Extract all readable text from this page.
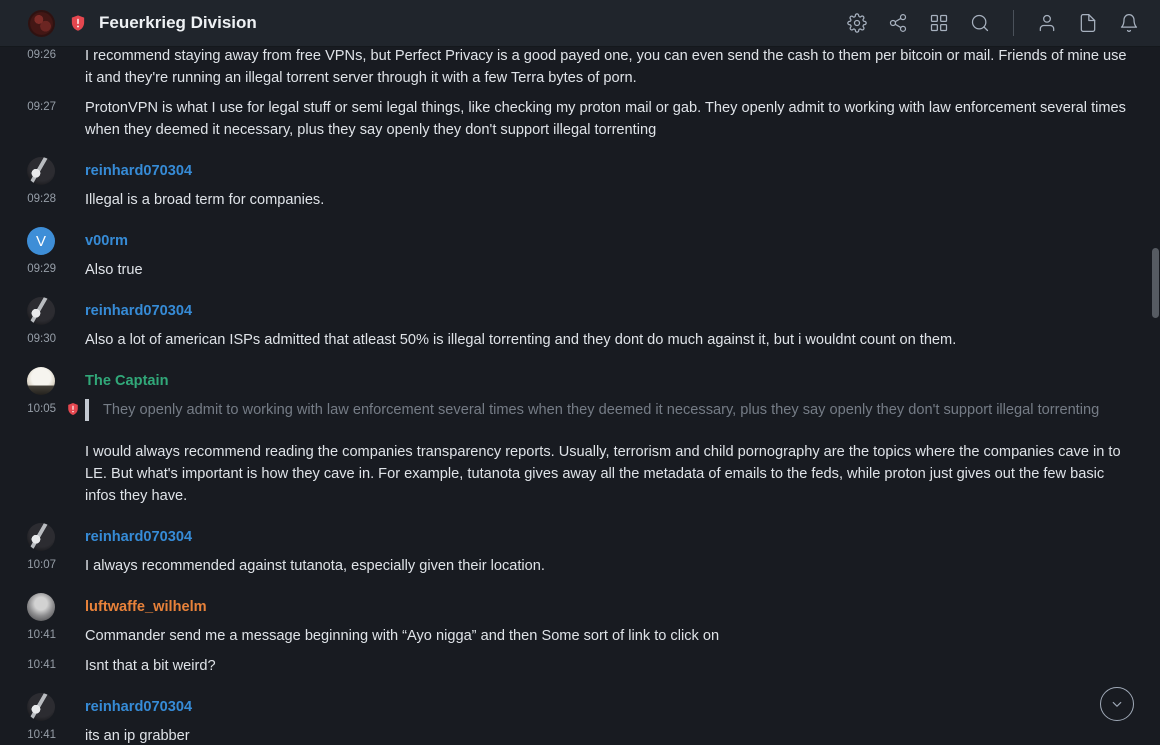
Feuerkrieg Division
09:26 I recommend staying away from free VPNs, but Perfect Privacy is a good payed one, you can even send the cash to them per bitcoin or mail. Friends of mine use it and they're running an illegal torrent server through it with a few Terra bytes of porn.
09:27 ProtonVPN is what I use for legal stuff or semi legal things, like checking my proton mail or gab. They openly admit to working with law enforcement several times when they deemed it necessary, plus they say openly they don't support illegal torrenting
reinhard070304
09:28 Illegal is a broad term for companies.
V	v00rm
09:29 Also true
reinhard070304
09:30 Also a lot of american ISPs admitted that atleast 50% is illegal torrenting and they dont do much against it, but i wouldnt count on them.
The Captain
10:05	They openly admit to working with law enforcement several times when they deemed it necessary, plus they say openly they don't support illegal torrenting
I would always recommend reading the companies transparency reports. Usually, terrorism and child pornography are the topics where the companies cave in to LE. But what's important is how they cave in. For example, tutanota gives away all the metadata of emails to the feds, while proton just gives out the few basic infos they have.
reinhard070304
10:07 I always recommended against tutanota, especially given their location.
luftwaffe_wilhelm
10:41 Commander send me a message beginning with “Ayo nigga” and then Some sort of link to click on
10:41 Isnt that a bit weird?
reinhard070304
10:41 its an ip grabber
